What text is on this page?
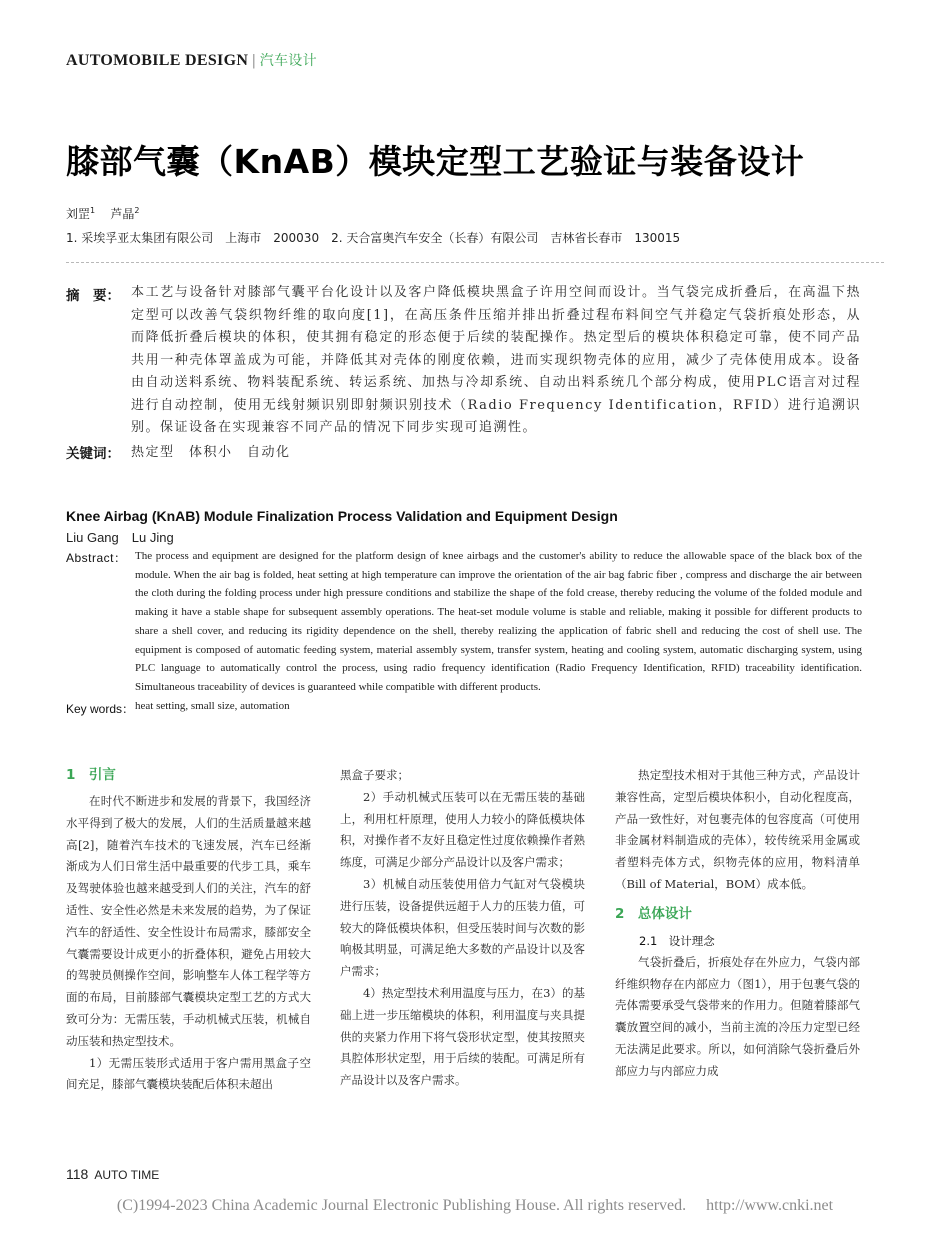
AUTOMOBILE DESIGN | 汽车设计
膝部气囊（KnAB）模块定型工艺验证与装备设计
刘罡$^1$ 芦晶$^2$
1. 采埃孚亚太集团有限公司　上海市　200030　2. 天合富奥汽车安全（长春）有限公司　吉林省长春市　130015
摘　要： 本工艺与设备针对膝部气囊平台化设计以及客户降低模块黑盒子许用空间而设计。当气袋完成折叠后，在高温下热定型可以改善气袋织物纤维的取向度[1]，在高压条件压缩并排出折叠过程布料间空气并稳定气袋折痕处形态，从而降低折叠后模块的体积，使其拥有稳定的形态便于后续的装配操作。热定型后的模块体积稳定可靠，使不同产品共用一种壳体罩盖成为可能，并降低其对壳体的刚度依赖，进而实现织物壳体的应用，减少了壳体使用成本。设备由自动送料系统、物料装配系统、转运系统、加热与冷却系统、自动出料系统几个部分构成，使用PLC语言对过程进行自动控制，使用无线射频识别即射频识别技术（Radio Frequency Identification，RFID）进行追溯识别。保证设备在实现兼容不同产品的情况下同步实现可追溯性。
关键词： 热定型　体积小　自动化
Knee Airbag (KnAB) Module Finalization Process Validation and Equipment Design
Liu Gang　Lu Jing
Abstract： The process and equipment are designed for the platform design of knee airbags and the customer's ability to reduce the allowable space of the black box of the module. When the air bag is folded, heat setting at high temperature can improve the orientation of the air bag fabric fiber , compress and discharge the air between the cloth during the folding process under high pressure conditions and stabilize the shape of the fold crease, thereby reducing the volume of the folded module and making it have a stable shape for subsequent assembly operations. The heat-set module volume is stable and reliable, making it possible for different products to share a shell cover, and reducing its rigidity dependence on the shell, thereby realizing the application of fabric shell and reducing the cost of shell use. The equipment is composed of automatic feeding system, material assembly system, transfer system, heating and cooling system, automatic discharging system, using PLC language to automatically control the process, using radio frequency identification (Radio Frequency Identification, RFID) traceability identification. Simultaneous traceability of devices is guaranteed while compatible with different products.
Key words： heat setting, small size, automation
1　引言

在时代不断进步和发展的背景下，我国经济水平得到了极大的发展，人们的生活质量越来越高[2]，随着汽车技术的飞速发展，汽车已经渐渐成为人们日常生活中最重要的代步工具，乘车及驾驶体验也越来越受到人们的关注，汽车的舒适性、安全性必然是未来发展的趋势，为了保证汽车的舒适性、安全性设计布局需求，膝部安全气囊需要设计成更小的折叠体积，避免占用较大的驾驶员侧操作空间，影响整车人体工程学等方面的布局，目前膝部气囊模块定型工艺的方式大致可分为：无需压装，手动机械式压装，机械自动压装和热定型技术。

1）无需压装形式适用于客户需用黑盒子空间充足，膝部气囊模块装配后体积未超出

黑盒子要求；

2）手动机械式压装可以在无需压装的基础上，利用杠杆原理，使用人力较小的降低模块体积，对操作者不友好且稳定性过度依赖操作者熟练度，可满足少部分产品设计以及客户需求；

3）机械自动压装使用倍力气缸对气袋模块进行压装，设备提供远超于人力的压装力值，可较大的降低模块体积，但受压装时间与次数的影响极其明显，可满足绝大多数的产品设计以及客户需求；

4）热定型技术利用温度与压力，在3）的基础上进一步压缩模块的体积，利用温度与夹具提供的夹紧力作用下将气袋形状定型，使其按照夹具腔体形状定型，用于后续的装配。可满足所有产品设计以及客户需求。

热定型技术相对于其他三种方式，产品设计兼容性高，定型后模块体积小，自动化程度高，产品一致性好，对包裹壳体的包容度高（可使用非金属材料制造成的壳体），较传统采用金属或者塑料壳体方式，织物壳体的应用，物料清单（Bill of Material，BOM）成本低。

2　总体设计
2.1　设计理念

气袋折叠后，折痕处存在外应力，气袋内部纤维织物存在内部应力（图1），用于包裹气袋的壳体需要承受气袋带来的作用力。但随着膝部气囊放置空间的减小，当前主流的冷压力定型已经无法满足此要求。所以，如何消除气袋折叠后外部应力与内部应力成

118 AUTO TIME
(C)1994-2023 China Academic Journal Electronic Publishing House. All rights reserved.　 http://www.cnki.net
